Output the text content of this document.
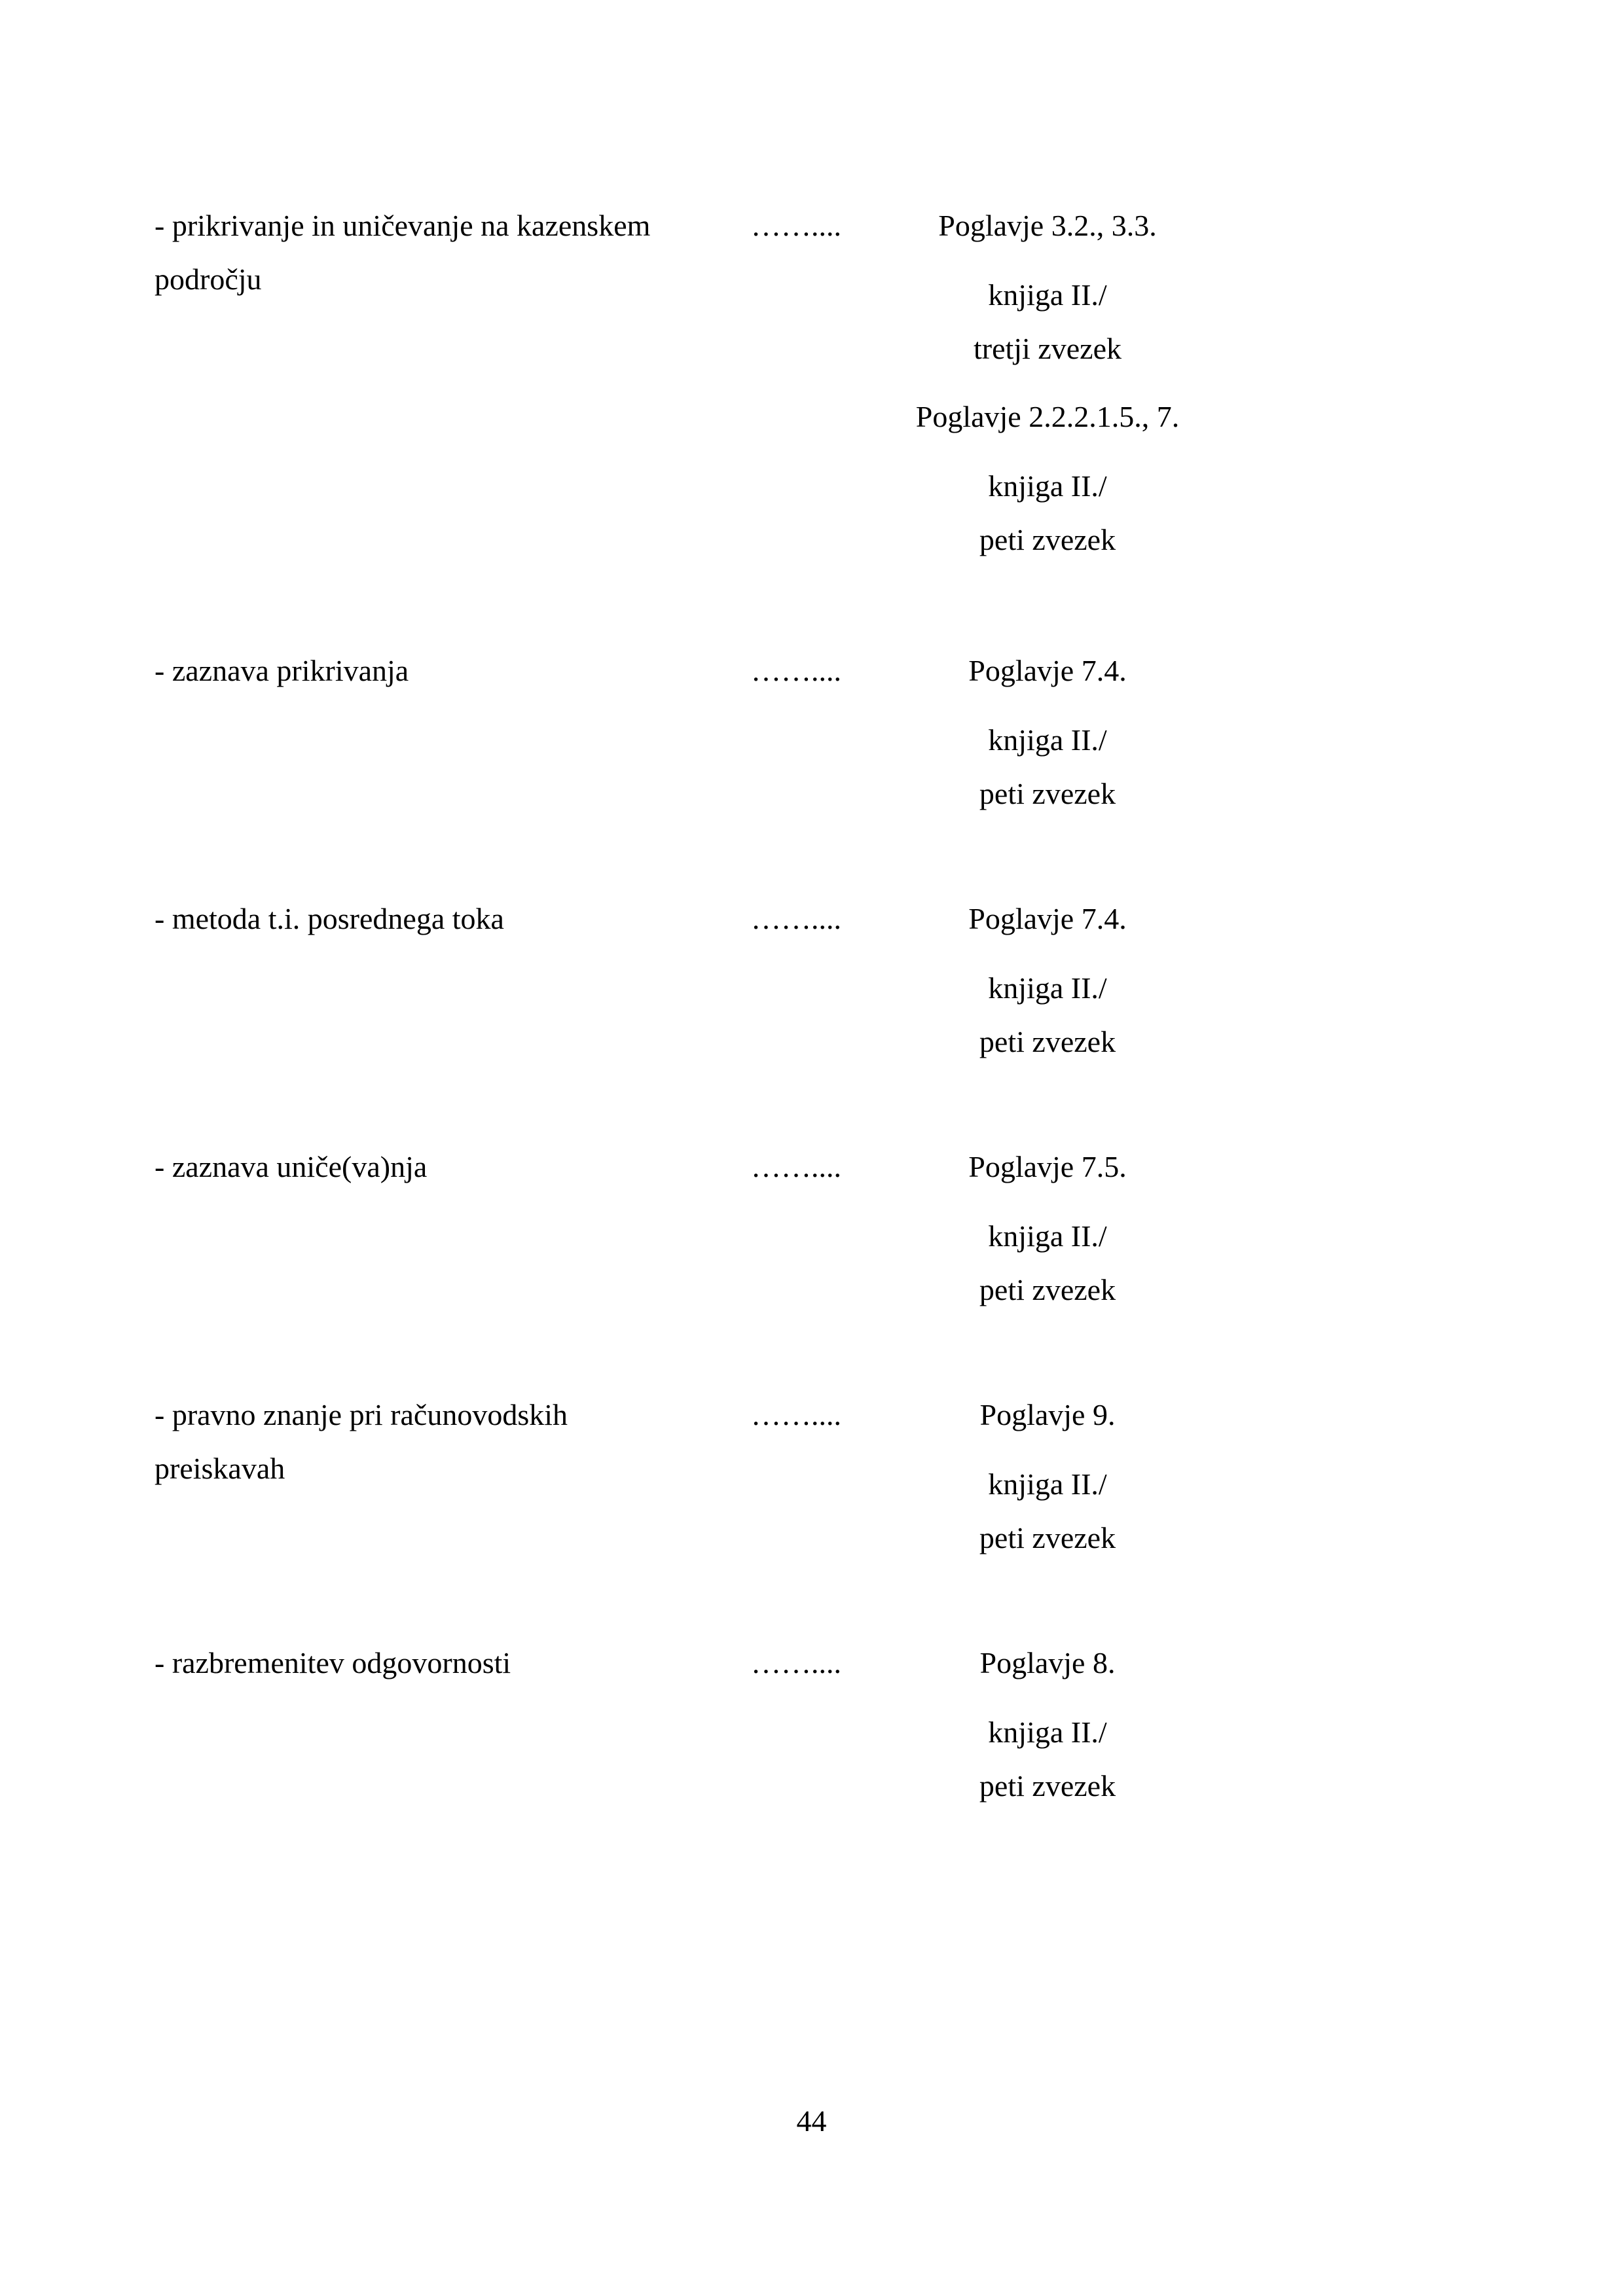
- prikrivanje in uničevanje na kazenskem
področju
……....	Poglavje 3.2., 3.3.
knjiga II./
tretji zvezek
Poglavje 2.2.2.1.5., 7.
knjiga II./
peti zvezek
- zaznava prikrivanja	……....	Poglavje 7.4.
knjiga II./
peti zvezek
- metoda t.i. posrednega toka	……....	Poglavje 7.4.
knjiga II./
peti zvezek
- zaznava uniče(va)nja	……....	Poglavje 7.5.
knjiga II./
peti zvezek
- pravno znanje pri računovodskih
preiskavah
……....	Poglavje 9.
knjiga II./
peti zvezek
- razbremenitev odgovornosti	……....	Poglavje 8.
knjiga II./
peti zvezek
44
